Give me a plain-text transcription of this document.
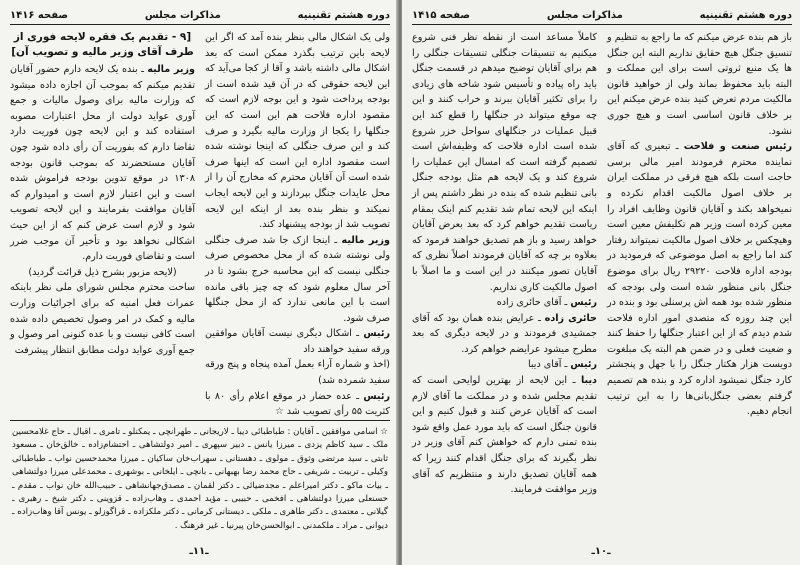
دوره هشتم تقنینیه
مذاکرات مجلس
صفحه ۱۴۱۶

ولی یک اشکال مالی بنظر بنده آمد که اگر این لایحه باین ترتیب بگذرد ممکن است که بعد اشکال مالی داشته باشد و آقا از کجا می‌آید که این لایحه حقوقی که در آن قید شده است از بودجه پرداخت شود و این بوجه لازم است که مقصود اداره فلاحت هم این است که این جنگلها را یکجا از وزارت مالیه بگیرد و صرف کند و این صرف جنگلی که اینجا نوشته شده است مقصود اداره این است که اینها صرف شده است آن آقایان محترم که مخارج آن را از محل عایدات جنگل بپردازند و این لایحه ایجاب نمیکند و بنظر بنده بعد از اینکه این لایحه تصویب شد از بودجه پیشنهاد کند.

وزیر مالیه ـ اینجا ازک جا شد صرف جنگلی ولی نوشته شده که از محل مخصوص صرف جنگلی نیست که این محاسبه خرج بشود تا در آخر سال معلوم شود که چه چیز باقی مانده است با این مانعی ندارد که از محل جنگلها صرف شود.

رئیس ـ اشکال دیگری نیست آقایان موافقین ورقه سفید خواهند داد

(اخذ و شماره آراء بعمل آمده پنجاه و پنج ورقه سفید شمرده شد)

رئیس ـ عده حضار در موقع اعلام رأی ۸۰ با کثریت ۵۵ رأی تصویب شد ☆

[۹ - تقدیم یک فقره لایحه فوری از طرف آقای وزیر مالیه و تصویب آن]

وزیر مالیه ـ بنده یک لایحه دارم حضور آقایان تقدیم میکنم که بموجب آن اجازه داده میشود که وزارت مالیه برای وصول مالیات و جمع آوری عواید دولت از محل اعتبارات مصوبه استفاده کند و این لایحه چون فوریت دارد تقاضا دارم که بفوریت آن رأی داده شود چون آقایان مستحضرند که بموجب قانون بودجه ۱۳۰۸ در موقع تدوین بودجه فراموش شده است و این اعتبار لازم است و امیدوارم که آقایان موافقت بفرمایند و این لایحه تصویب شود و لازم است عرض کنم که از این حیث اشکالی نخواهد بود و تأخیر آن موجب ضرر است و تقاضای فوریت دارم.

(لایحه مزبور بشرح ذیل قرائت گردید)

ساحت محترم مجلس شورای ملی نظر باینکه عمرات فعل امنیه که برای اجرائیات وزارت مالیه و کمک در امر وصول تخصیص داده شده است کافی نیست و با عده کنونی امر وصول و جمع آوری عواید دولت مطابق انتظار پیشرفت

☆ اسامی موافقین ـ آقایان : طباطبائی دیبا ـ لاریجانی ـ طهرانچی ـ یمکنلو ـ تامری ـ اقبال ـ حاج غلامحسین ملک ـ سید کاظم یزدی ـ میرزا یانس ـ دبیر سپهری ـ امیر دولتشاهی ـ احتشام‌زاده ـ خالق‌خان ـ مسعود ثابتی ـ سید مرتضی وثوق ـ مولوی ـ دهستانی ـ سهراب‌خان ساکیان ـ میرزا محمدحسین نواب ـ طباطبائی وکیلی ـ تربیت ـ شریفی ـ حاج محمد رضا بهبهانی ـ بانچی ـ ایلخانی ـ بوشهری ـ محمدعلی میرزا دولتشاهی ـ بیات ماکو ـ دکتر امیراعلم ـ مجدضیائی ـ دکتر لقمان ـ مصدق‌جهانشاهی ـ حبیب‌الله خان نواب ـ مقدم ـ حسنعلی میرزا دولتشاهی ـ افخمی ـ حبیبی ـ مؤید احمدی ـ وهاب‌زاده ـ قزوینی ـ دکتر شیخ ـ رهبری ـ گیلانی ـ معتمدی ـ دکتر طاهری ـ ملکی ـ دیستانی کرمانی ـ دکتر ملکزاده ـ قراگوزلو ـ یونس آقا وهاب‌زاده ـ دیوانی ـ مراد ـ ملکمدنی ـ ابوالحسن‌خان پیرنیا ـ غیر فرهنگ .
ـ۱۱ـ
دوره هشتم تقنینیه
مذاکرات مجلس
صفحه ۱۴۱۵

باز هم بنده عرض میکنم که ما راجع به تنظیم و تنسیق جنگل هیچ حقایق نداریم البته این جنگل ها یک منبع ثروتی است برای این مملکت و البته باید محفوظ بماند ولی از خواهید قانون مالکیت مردم تعرض کنید بنده عرض میکنم این بر خلاف قانون اساسی است و هیچ جوری نشود.

رئیس صنعت و فلاحت ـ تبعیری که آقای نماینده محترم فرمودند امیر مالی برسی حاجت است بلکه هیچ فرقی در مملکت ایران بر خلاف اصول مالکیت اقدام نکرده و نمیخواهد بکند و آقایان قانون وظایف افراد را معین کرده است وزیر هم تکلیفش معین است وهیچکس بر خلاف اصول مالکیت نمیتواند رفتار کند اما راجع به اصل موضوعی که فرمودید در بودجه اداره فلاحت ۲۹۲۲۰ ریال برای موضوع جنگل بانی منظور شده است ولی بودجه که منظور شده بود همه اش پرسنلی بود و بنده در این چند روزه که متصدی امور اداره فلاحت شدم دیدم که از این اعتبار جنگلها را حفظ کنند و ضعیت فعلی و در ضمن هم البته یک مبلغوت دویست هزار هکتار جنگل را با جهل و پنجشتر کارد جنگل نمیشود اداره کرد و بنده هم تصمیم گرفتم بعضی جنگل‌بانی‌ها را به این ترتیب انجام دهیم.

کاملاً مساعد است از نقطه نظر فنی شروع میکنیم به تنسیقات جنگلی تنسیقات جنگلی را هم برای آقایان توضیح میدهم در قسمت جنگل باید راه پیاده و تأسیس شود شاخه های زیادی را برای تکثیر آقایان ببرند و خراب کنند و این چه موقع میتواند در جنگلها را قطع کند این قبیل عملیات در جنگلهای سواحل خزر شروع شده است اداره فلاحت که وظیفه‌اش است تصمیم گرفته است که امسال این عملیات را شروع کند و یک لایحه هم مثل بودجه جنگل بانی تنظیم شده که بنده در نظر داشتم پس از اینکه این لایحه تمام شد تقدیم کنم اینک بمقام ریاست تقدیم خواهم کرد که بعد بعرض آقایان خواهد رسید و باز هم تصدیق خواهند فرمود که بعلاوه بر چه که آقایان فرمودند اصلاً نظری که آقایان تصور میکنند در این است و ما اصلاً با اصول مالکیت کاری نداریم.

رئیس ـ آقای حائری زاده

حائری زاده ـ عرایض بنده همان بود که آقای جمشیدی فرمودند و در لایحه دیگری که بعد مطرح میشود عرایضم خواهم کرد.

رئیس ـ آقای دیبا

دیبا ـ این لایحه از بهترین لوایحی است که تقدیم مجلس شده و در مملکت ما آقای لازم است که آقایان عرض کنند و قبول کنیم و این قانون جنگل است که باید مورد عمل واقع شود بنده تمنی دارم که خواهش کنم آقای وزیر در نظر بگیرند که برای جنگل اقدام کنند زیرا که همه آقایان تصدیق دارند و منتظریم که آقای وزیر موافقت فرمایند.

ـ۱۰ـ
